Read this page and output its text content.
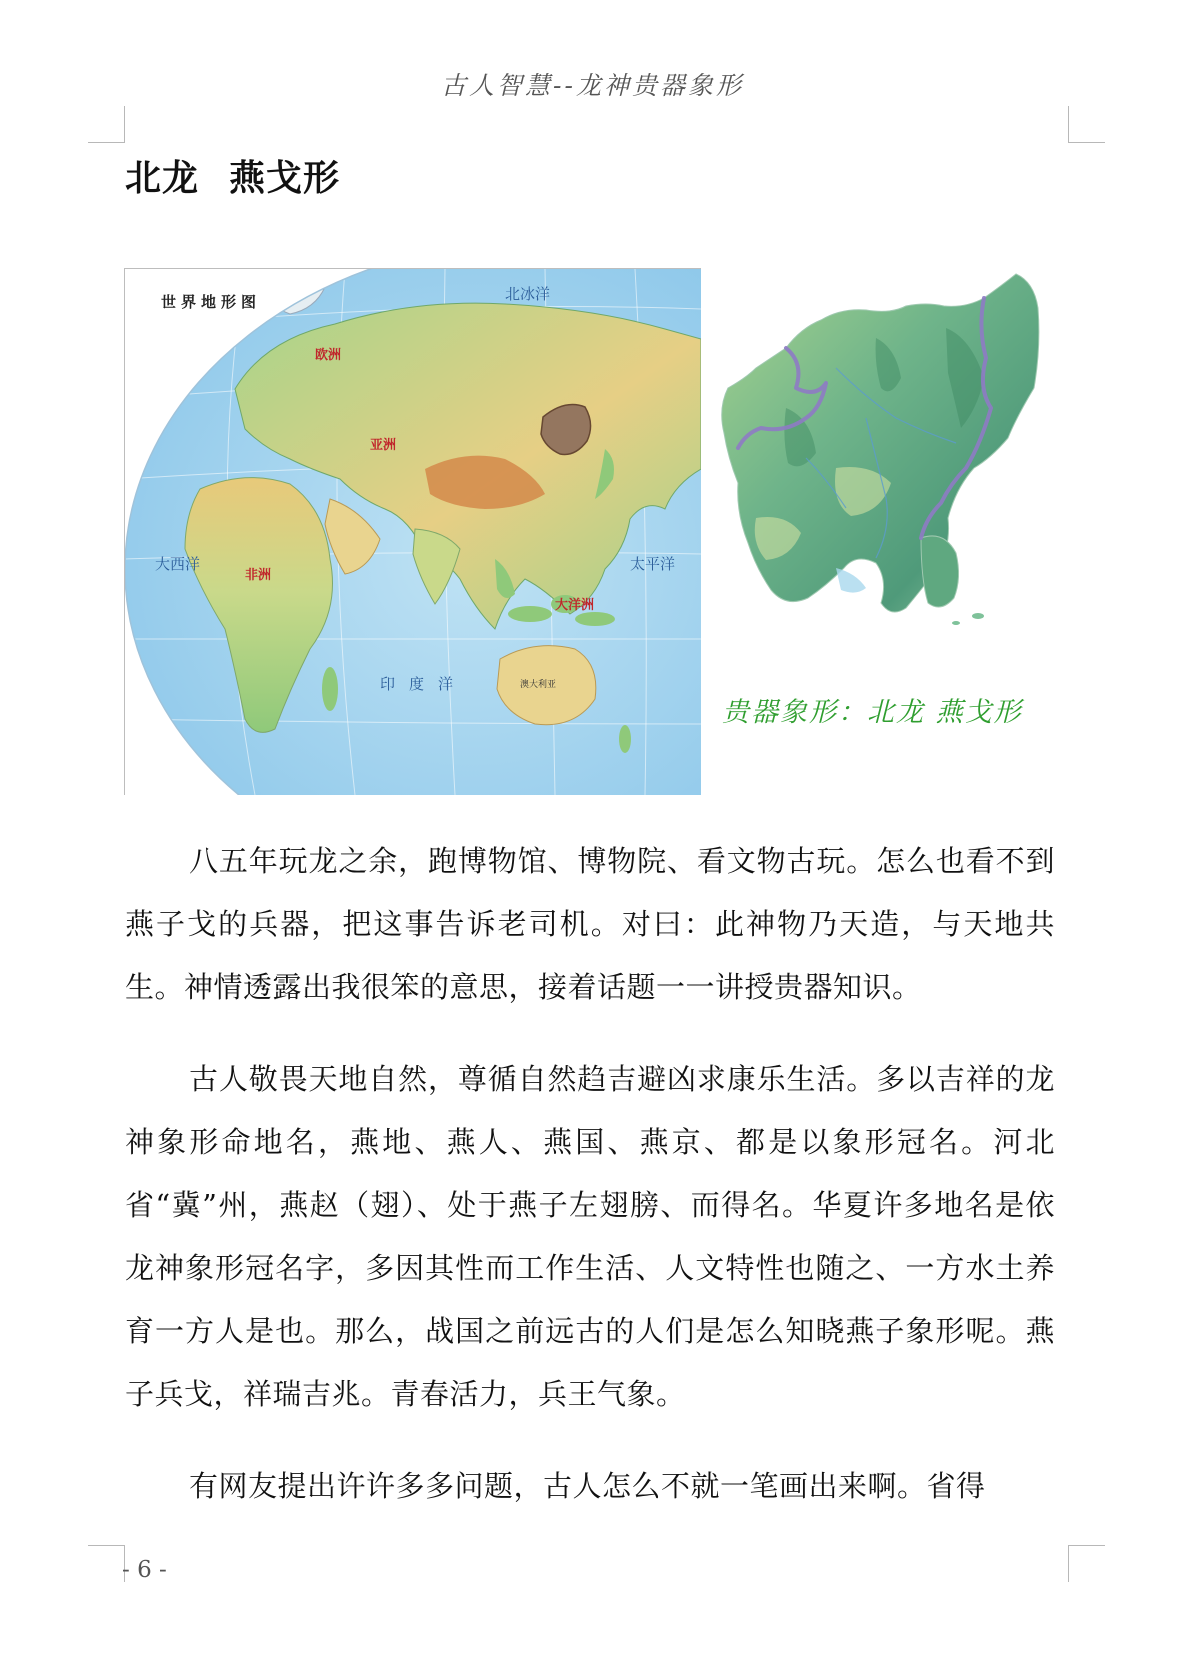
古人智慧--龙神贵器象形
北龙 燕戈形
欧洲
亚洲
非洲
大洋洲
印度洋
太平洋
大西洋
北冰洋
澳大利亚
世界地形图
贵器象形：北龙 燕戈形

八五年玩龙之余，跑博物馆、博物院、看文物古玩。怎么也看不到燕子戈的兵器，把这事告诉老司机。对曰：此神物乃天造，与天地共生。神情透露出我很笨的意思，接着话题一一讲授贵器知识。

古人敬畏天地自然，尊循自然趋吉避凶求康乐生活。多以吉祥的龙神象形命地名，燕地、燕人、燕国、燕京、都是以象形冠名。河北省“冀”州，燕赵（翅）、处于燕子左翅膀、而得名。华夏许多地名是依龙神象形冠名字，多因其性而工作生活、人文特性也随之、一方水土养育一方人是也。那么，战国之前远古的人们是怎么知晓燕子象形呢。燕子兵戈，祥瑞吉兆。青春活力，兵王气象。

有网友提出许许多多问题，古人怎么不就一笔画出来啊。省得

- 6 -
